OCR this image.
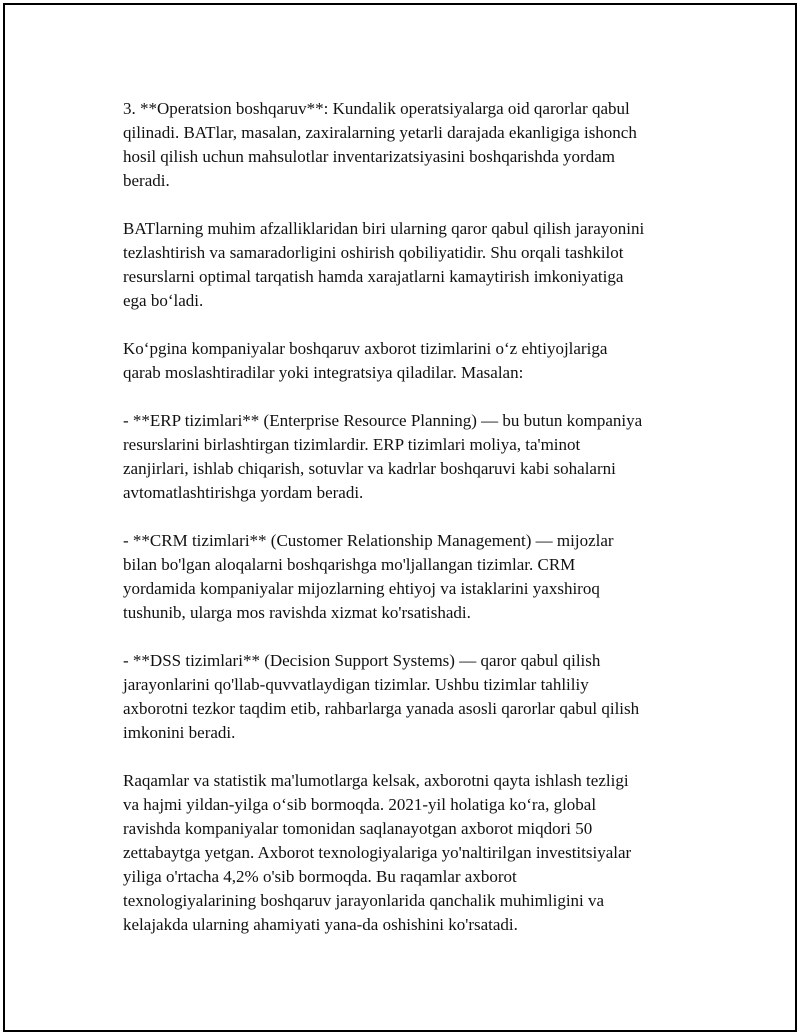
3. **Operatsion boshqaruv**: Kundalik operatsiyalarga oid qarorlar qabul
qilinadi. BATlar, masalan, zaxiralarning yetarli darajada ekanligiga ishonch
hosil qilish uchun mahsulotlar inventarizatsiyasini boshqarishda yordam
beradi.

BATlarning muhim afzalliklaridan biri ularning qaror qabul qilish jarayonini
tezlashtirish va samaradorligini oshirish qobiliyatidir. Shu orqali tashkilot
resurslarni optimal tarqatish hamda xarajatlarni kamaytirish imkoniyatiga
ega bo‘ladi.

Ko‘pgina kompaniyalar boshqaruv axborot tizimlarini o‘z ehtiyojlariga
qarab moslashtiradilar yoki integratsiya qiladilar. Masalan:

- **ERP tizimlari** (Enterprise Resource Planning) — bu butun kompaniya
resurslarini birlashtirgan tizimlardir. ERP tizimlari moliya, ta'minot
zanjirlari, ishlab chiqarish, sotuvlar va kadrlar boshqaruvi kabi sohalarni
avtomatlashtirishga yordam beradi.

- **CRM tizimlari** (Customer Relationship Management) — mijozlar
bilan bo'lgan aloqalarni boshqarishga mo'ljallangan tizimlar. CRM
yordamida kompaniyalar mijozlarning ehtiyoj va istaklarini yaxshiroq
tushunib, ularga mos ravishda xizmat ko'rsatishadi.

- **DSS tizimlari** (Decision Support Systems) — qaror qabul qilish
jarayonlarini qo'llab-quvvatlaydigan tizimlar. Ushbu tizimlar tahliliy
axborotni tezkor taqdim etib, rahbarlarga yanada asosli qarorlar qabul qilish
imkonini beradi.

Raqamlar va statistik ma'lumotlarga kelsak, axborotni qayta ishlash tezligi
va hajmi yildan-yilga o‘sib bormoqda. 2021-yil holatiga ko‘ra, global
ravishda kompaniyalar tomonidan saqlanayotgan axborot miqdori 50
zettabaytga yetgan. Axborot texnologiyalariga yo'naltirilgan investitsiyalar
yiliga o'rtacha 4,2% o'sib bormoqda. Bu raqamlar axborot
texnologiyalarining boshqaruv jarayonlarida qanchalik muhimligini va
kelajakda ularning ahamiyati yana-da oshishini ko'rsatadi.
